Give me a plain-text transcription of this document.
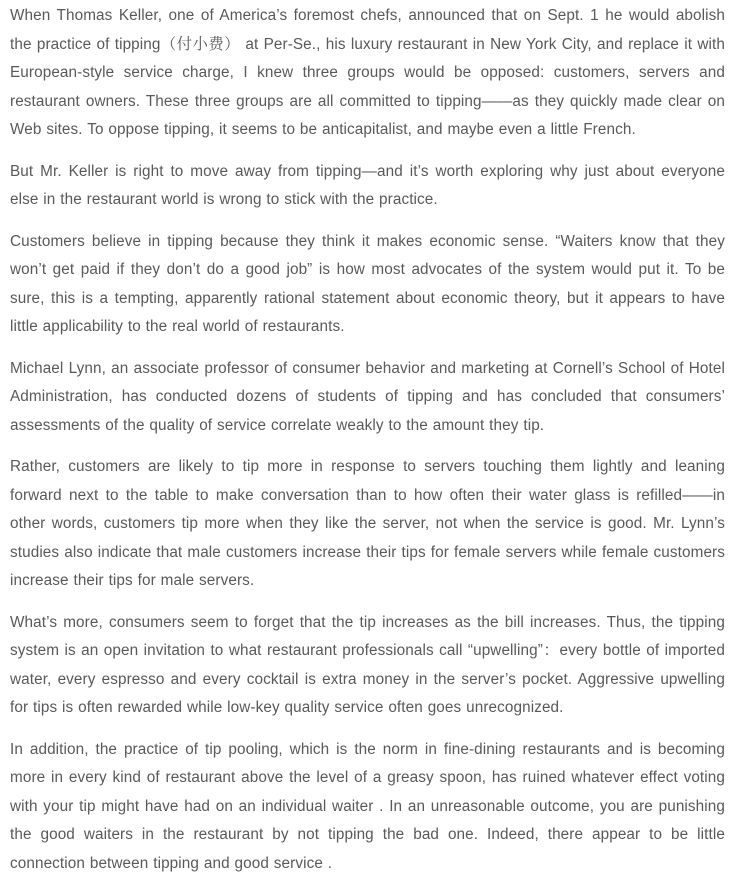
When Thomas Keller, one of America’s foremost chefs, announced that on Sept. 1 he would abolish the practice of tipping（付小费） at Per-Se., his luxury restaurant in New York City, and replace it with European-style service charge, I knew three groups would be opposed: customers, servers and restaurant owners. These three groups are all committed to tipping——as they quickly made clear on Web sites. To oppose tipping, it seems to be anticapitalist, and maybe even a little French.

But Mr. Keller is right to move away from tipping—and it’s worth exploring why just about everyone else in the restaurant world is wrong to stick with the practice.

Customers believe in tipping because they think it makes economic sense. “Waiters know that they won’t get paid if they don’t do a good job” is how most advocates of the system would put it. To be sure, this is a tempting, apparently rational statement about economic theory, but it appears to have little applicability to the real world of restaurants.

Michael Lynn, an associate professor of consumer behavior and marketing at Cornell’s School of Hotel Administration, has conducted dozens of students of tipping and has concluded that consumers’ assessments of the quality of service correlate weakly to the amount they tip.

Rather, customers are likely to tip more in response to servers touching them lightly and leaning forward next to the table to make conversation than to how often their water glass is refilled——in other words, customers tip more when they like the server, not when the service is good. Mr. Lynn’s studies also indicate that male customers increase their tips for female servers while female customers increase their tips for male servers.

What’s more, consumers seem to forget that the tip increases as the bill increases. Thus, the tipping system is an open invitation to what restaurant professionals call “upwelling”：every bottle of imported water, every espresso and every cocktail is extra money in the server’s pocket. Aggressive upwelling for tips is often rewarded while low-key quality service often goes unrecognized.

In addition, the practice of tip pooling, which is the norm in fine-dining restaurants and is becoming more in every kind of restaurant above the level of a greasy spoon, has ruined whatever effect voting with your tip might have had on an individual waiter . In an unreasonable outcome, you are punishing the good waiters in the restaurant by not tipping the bad one. Indeed, there appear to be little connection between tipping and good service .
